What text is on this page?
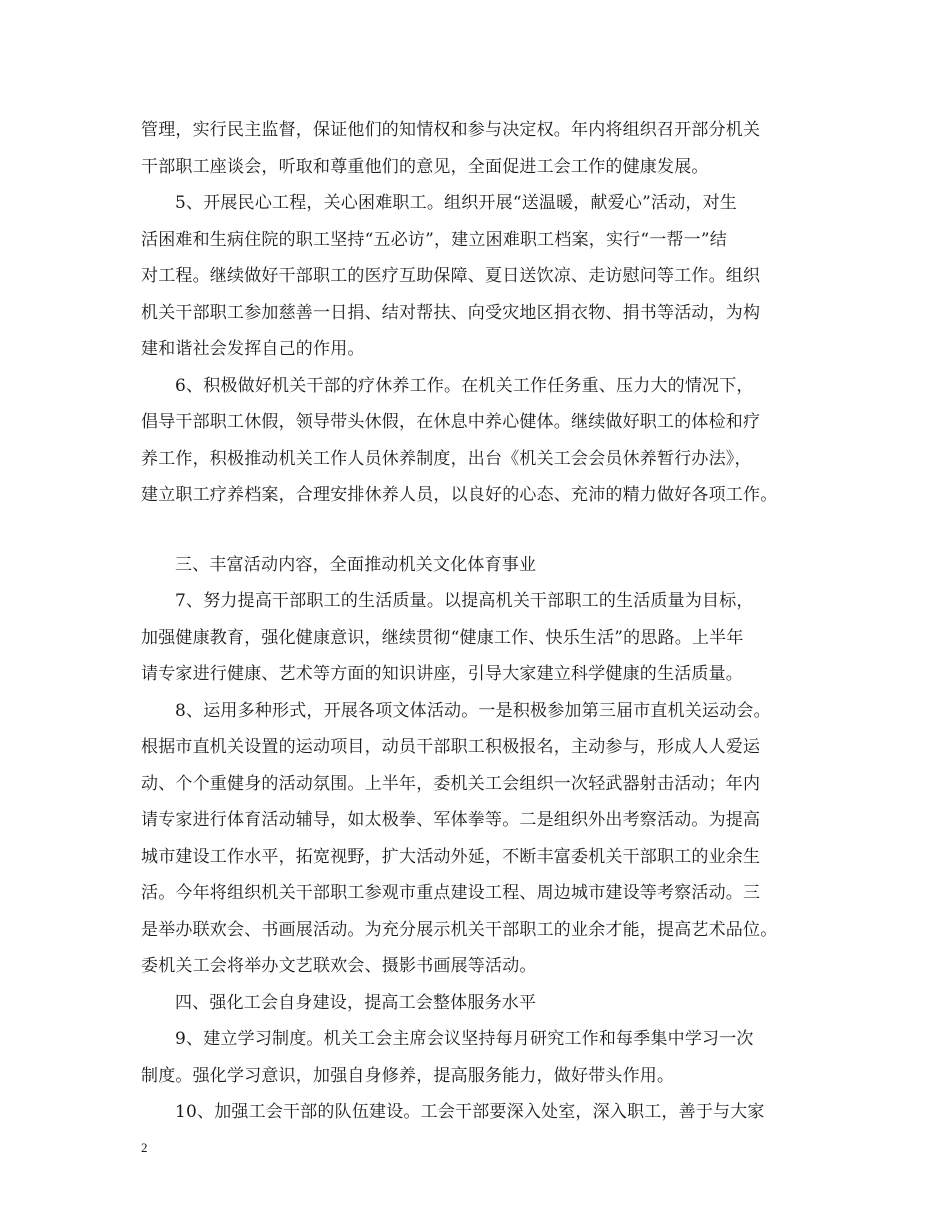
管理，实行民主监督，保证他们的知情权和参与决定权。年内将组织召开部分机关
干部职工座谈会，听取和尊重他们的意见，全面促进工会工作的健康发展。
5、开展民心工程，关心困难职工。组织开展“送温暖，献爱心”活动，对生
活困难和生病住院的职工坚持“五必访”，建立困难职工档案，实行“一帮一”结
对工程。继续做好干部职工的医疗互助保障、夏日送饮凉、走访慰问等工作。组织
机关干部职工参加慈善一日捐、结对帮扶、向受灾地区捐衣物、捐书等活动，为构
建和谐社会发挥自己的作用。
6、积极做好机关干部的疗休养工作。在机关工作任务重、压力大的情况下，
倡导干部职工休假，领导带头休假，在休息中养心健体。继续做好职工的体检和疗
养工作，积极推动机关工作人员休养制度，出台《机关工会会员休养暂行办法》，
建立职工疗养档案，合理安排休养人员，以良好的心态、充沛的精力做好各项工作。
三、丰富活动内容，全面推动机关文化体育事业
7、努力提高干部职工的生活质量。以提高机关干部职工的生活质量为目标，
加强健康教育，强化健康意识，继续贯彻“健康工作、快乐生活”的思路。上半年
请专家进行健康、艺术等方面的知识讲座，引导大家建立科学健康的生活质量。
8、运用多种形式，开展各项文体活动。一是积极参加第三届市直机关运动会。
根据市直机关设置的运动项目，动员干部职工积极报名，主动参与，形成人人爱运
动、个个重健身的活动氛围。上半年，委机关工会组织一次轻武器射击活动；年内
请专家进行体育活动辅导，如太极拳、军体拳等。二是组织外出考察活动。为提高
城市建设工作水平，拓宽视野，扩大活动外延，不断丰富委机关干部职工的业余生
活。今年将组织机关干部职工参观市重点建设工程、周边城市建设等考察活动。三
是举办联欢会、书画展活动。为充分展示机关干部职工的业余才能，提高艺术品位。
委机关工会将举办文艺联欢会、摄影书画展等活动。
四、强化工会自身建设，提高工会整体服务水平
9、建立学习制度。机关工会主席会议坚持每月研究工作和每季集中学习一次
制度。强化学习意识，加强自身修养，提高服务能力，做好带头作用。
10、加强工会干部的队伍建设。工会干部要深入处室，深入职工，善于与大家
2
